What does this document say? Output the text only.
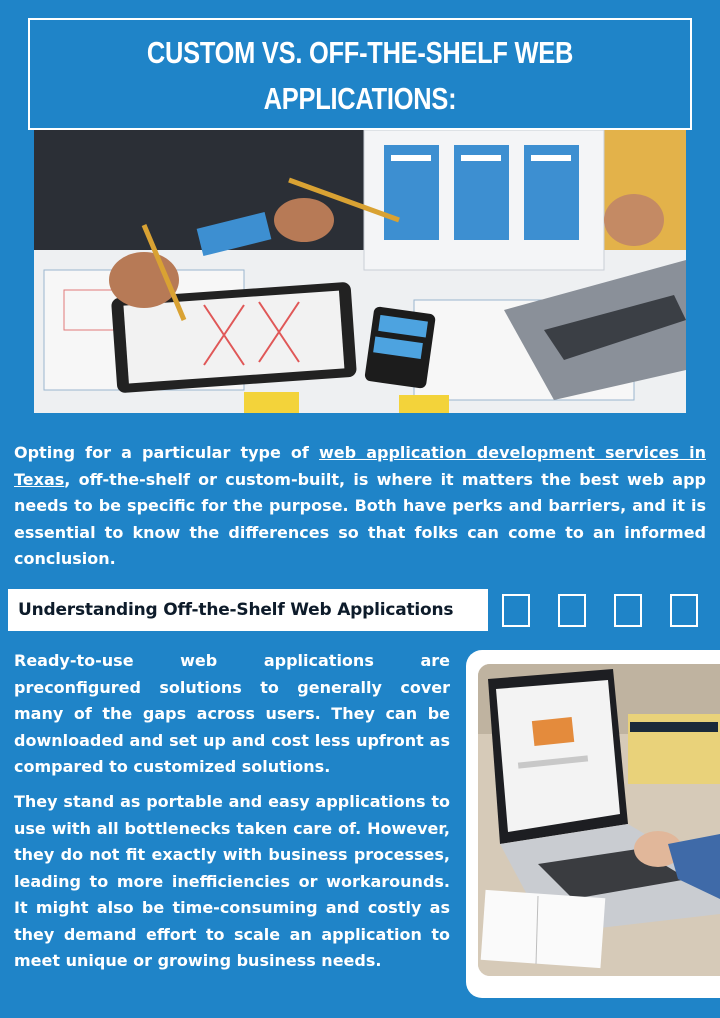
CUSTOM VS. OFF-THE-SHELF WEB APPLICATIONS:

Opting for a particular type of web application development services in Texas, off-the-shelf or custom-built, is where it matters the best web app needs to be specific for the purpose. Both have perks and barriers, and it is essential to know the differences so that folks can come to an informed conclusion.

Understanding Off-the-Shelf Web Applications

Ready-to-use web applications are preconfigured solutions to generally cover many of the gaps across users. They can be downloaded and set up and cost less upfront as compared to customized solutions.

They stand as portable and easy applications to use with all bottlenecks taken care of. However, they do not fit exactly with business processes, leading to more inefficiencies or workarounds. It might also be time-consuming and costly as they demand effort to scale an application to meet unique or growing business needs.
